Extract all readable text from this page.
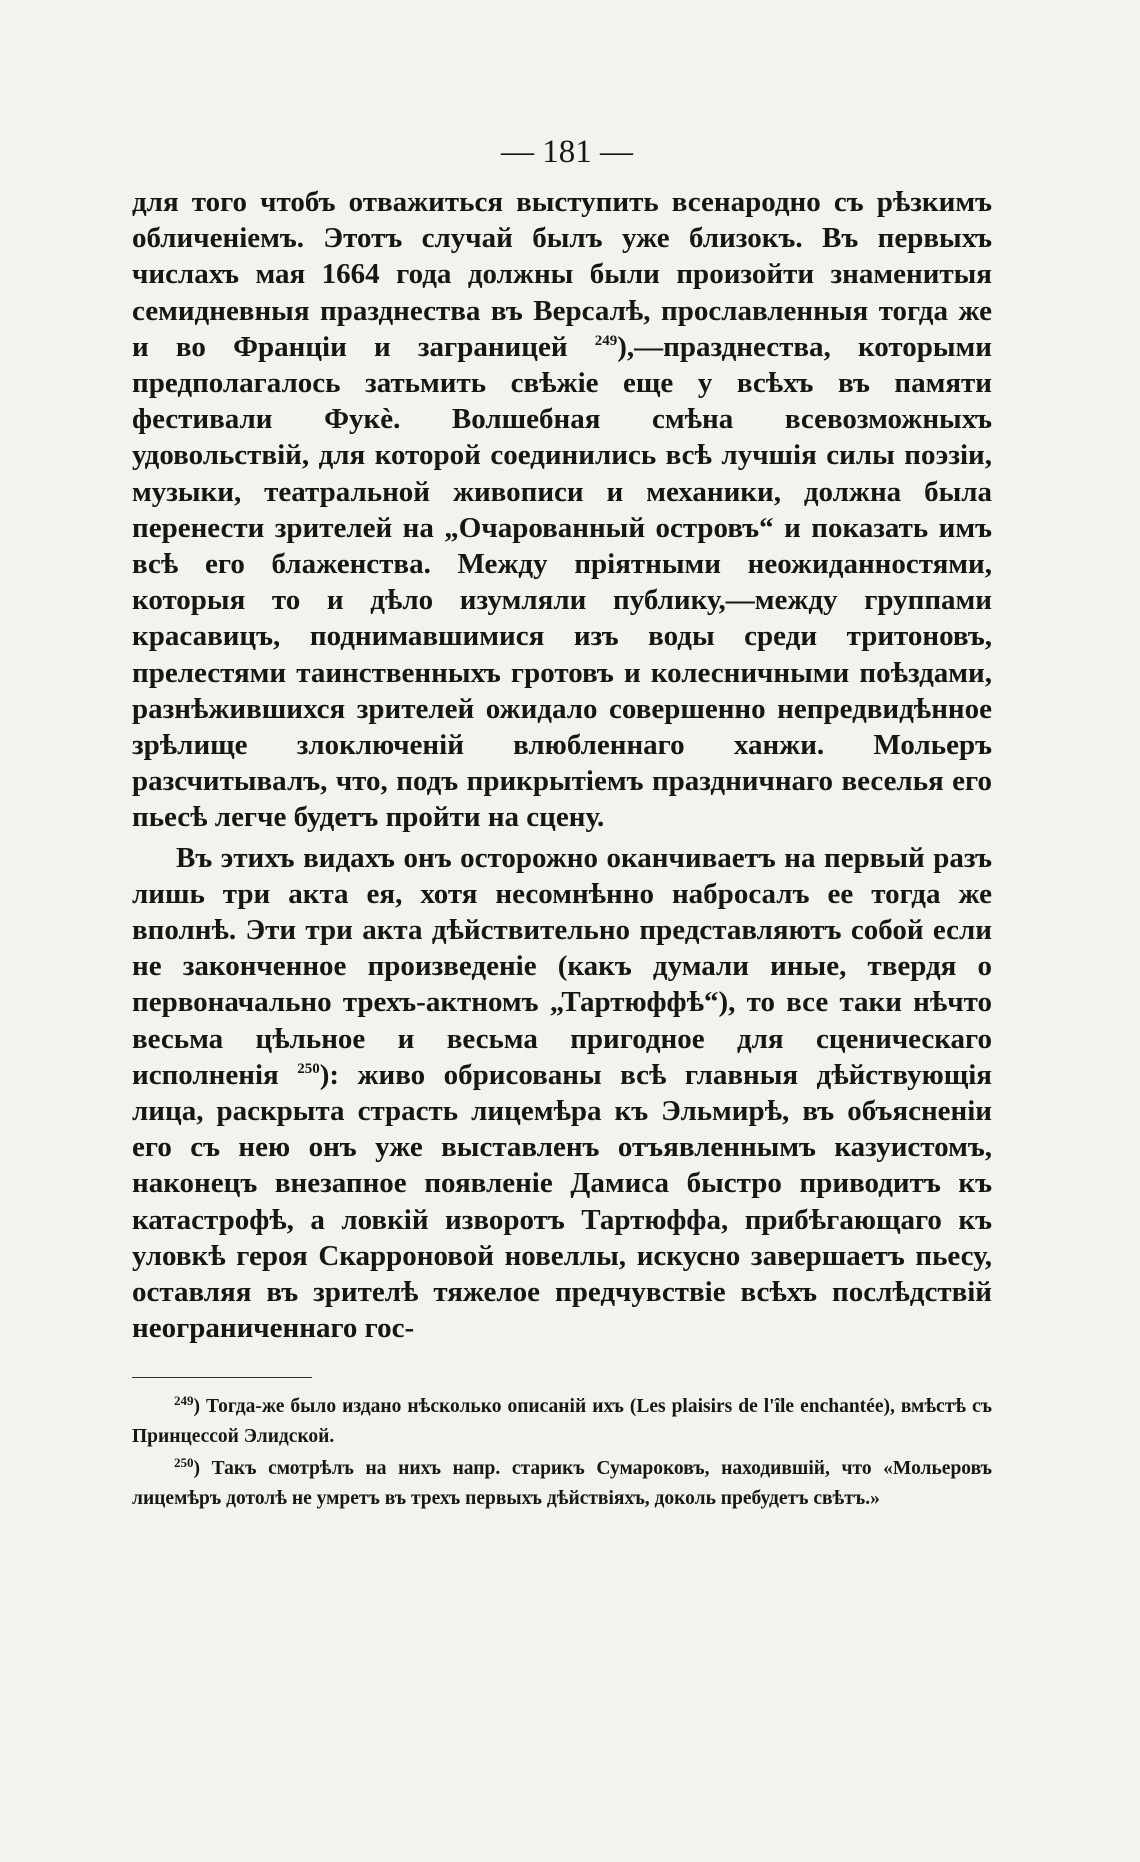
— 181 —

для того чтобъ отважиться выступить всенародно съ рѣзкимъ обличеніемъ. Этотъ случай былъ уже близокъ. Въ первыхъ числахъ мая 1664 года должны были произойти знаменитыя семидневныя празднества въ Версалѣ, прославленныя тогда же и во Франціи и заграницей $^{249}$),—празднества, которыми предполагалось затьмить свѣжіе еще у всѣхъ въ памяти фестивали Фукѐ. Волшебная смѣна всевозможныхъ удовольствій, для которой соединились всѣ лучшія силы поэзіи, музыки, театральной живописи и механики, должна была перенести зрителей на „Очарованный островъ“ и показать имъ всѣ его блаженства. Между пріятными неожиданностями, которыя то и дѣло изумляли публику,—между группами красавицъ, поднимавшимися изъ воды среди тритоновъ, прелестями таинственныхъ гротовъ и колесничными поѣздами, разнѣжившихся зрителей ожидало совершенно непредвидѣнное зрѣлище злоключеній влюбленнаго ханжи. Мольеръ разсчитывалъ, что, подъ прикрытіемъ праздничнаго веселья его пьесѣ легче будетъ пройти на сцену.

Въ этихъ видахъ онъ осторожно оканчиваетъ на первый разъ лишь три акта ея, хотя несомнѣнно набросалъ ее тогда же вполнѣ. Эти три акта дѣйствительно представляютъ собой если не законченное произведеніе (какъ думали иные, твердя о первоначально трехъ-актномъ „Тартюффѣ“), то все таки нѣчто весьма цѣльное и весьма пригодное для сценическаго исполненія $^{250}$): живо обрисованы всѣ главныя дѣйствующія лица, раскрыта страсть лицемѣра къ Эльмирѣ, въ объясненіи его съ нею онъ уже выставленъ отъявленнымъ казуистомъ, наконецъ внезапное появленіе Дамиса быстро приводитъ къ катастрофѣ, а ловкій изворотъ Тартюффа, прибѣгающаго къ уловкѣ героя Скарроновой новеллы, искусно завершаетъ пьесу, оставляя въ зрителѣ тяжелое предчувствіе всѣхъ послѣдствій неограниченнаго гос-

$^{249}$) Тогда-же было издано нѣсколько описаній ихъ (Les plaisirs de l'île enchantée), вмѣстѣ съ Принцессой Элидской.

$^{250}$) Такъ смотрѣлъ на нихъ напр. старикъ Сумароковъ, находившій, что «Мольеровъ лицемѣръ дотолѣ не умретъ въ трехъ первыхъ дѣйствіяхъ, доколь пребудетъ свѣтъ.»
